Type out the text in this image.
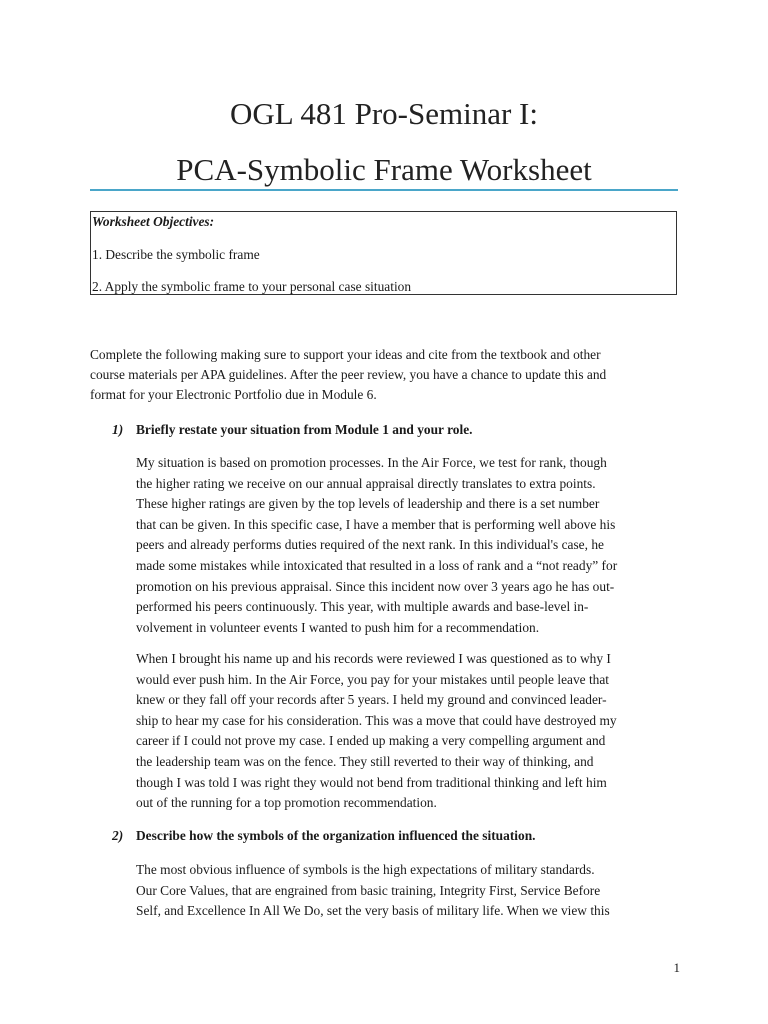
OGL 481 Pro-Seminar I:
PCA-Symbolic Frame Worksheet
Worksheet Objectives:
1. Describe the symbolic frame
2. Apply the symbolic frame to your personal case situation
Complete the following making sure to support your ideas and cite from the textbook and other
course materials per APA guidelines. After the peer review, you have a chance to update this and
format for your Electronic Portfolio due in Module 6.
1) Briefly restate your situation from Module 1 and your role.
My situation is based on promotion processes. In the Air Force, we test for rank, though
the higher rating we receive on our annual appraisal directly translates to extra points.
These higher ratings are given by the top levels of leadership and there is a set number
that can be given. In this specific case, I have a member that is performing well above his
peers and already performs duties required of the next rank. In this individual's case, he
made some mistakes while intoxicated that resulted in a loss of rank and a “not ready” for
promotion on his previous appraisal. Since this incident now over 3 years ago he has out-
performed his peers continuously. This year, with multiple awards and base-level in-
volvement in volunteer events I wanted to push him for a recommendation.
When I brought his name up and his records were reviewed I was questioned as to why I
would ever push him. In the Air Force, you pay for your mistakes until people leave that
knew or they fall off your records after 5 years. I held my ground and convinced leader-
ship to hear my case for his consideration. This was a move that could have destroyed my
career if I could not prove my case. I ended up making a very compelling argument and
the leadership team was on the fence. They still reverted to their way of thinking, and
though I was told I was right they would not bend from traditional thinking and left him
out of the running for a top promotion recommendation.
2) Describe how the symbols of the organization influenced the situation.
The most obvious influence of symbols is the high expectations of military standards.
Our Core Values, that are engrained from basic training, Integrity First, Service Before
Self, and Excellence In All We Do, set the very basis of military life. When we view this
1
